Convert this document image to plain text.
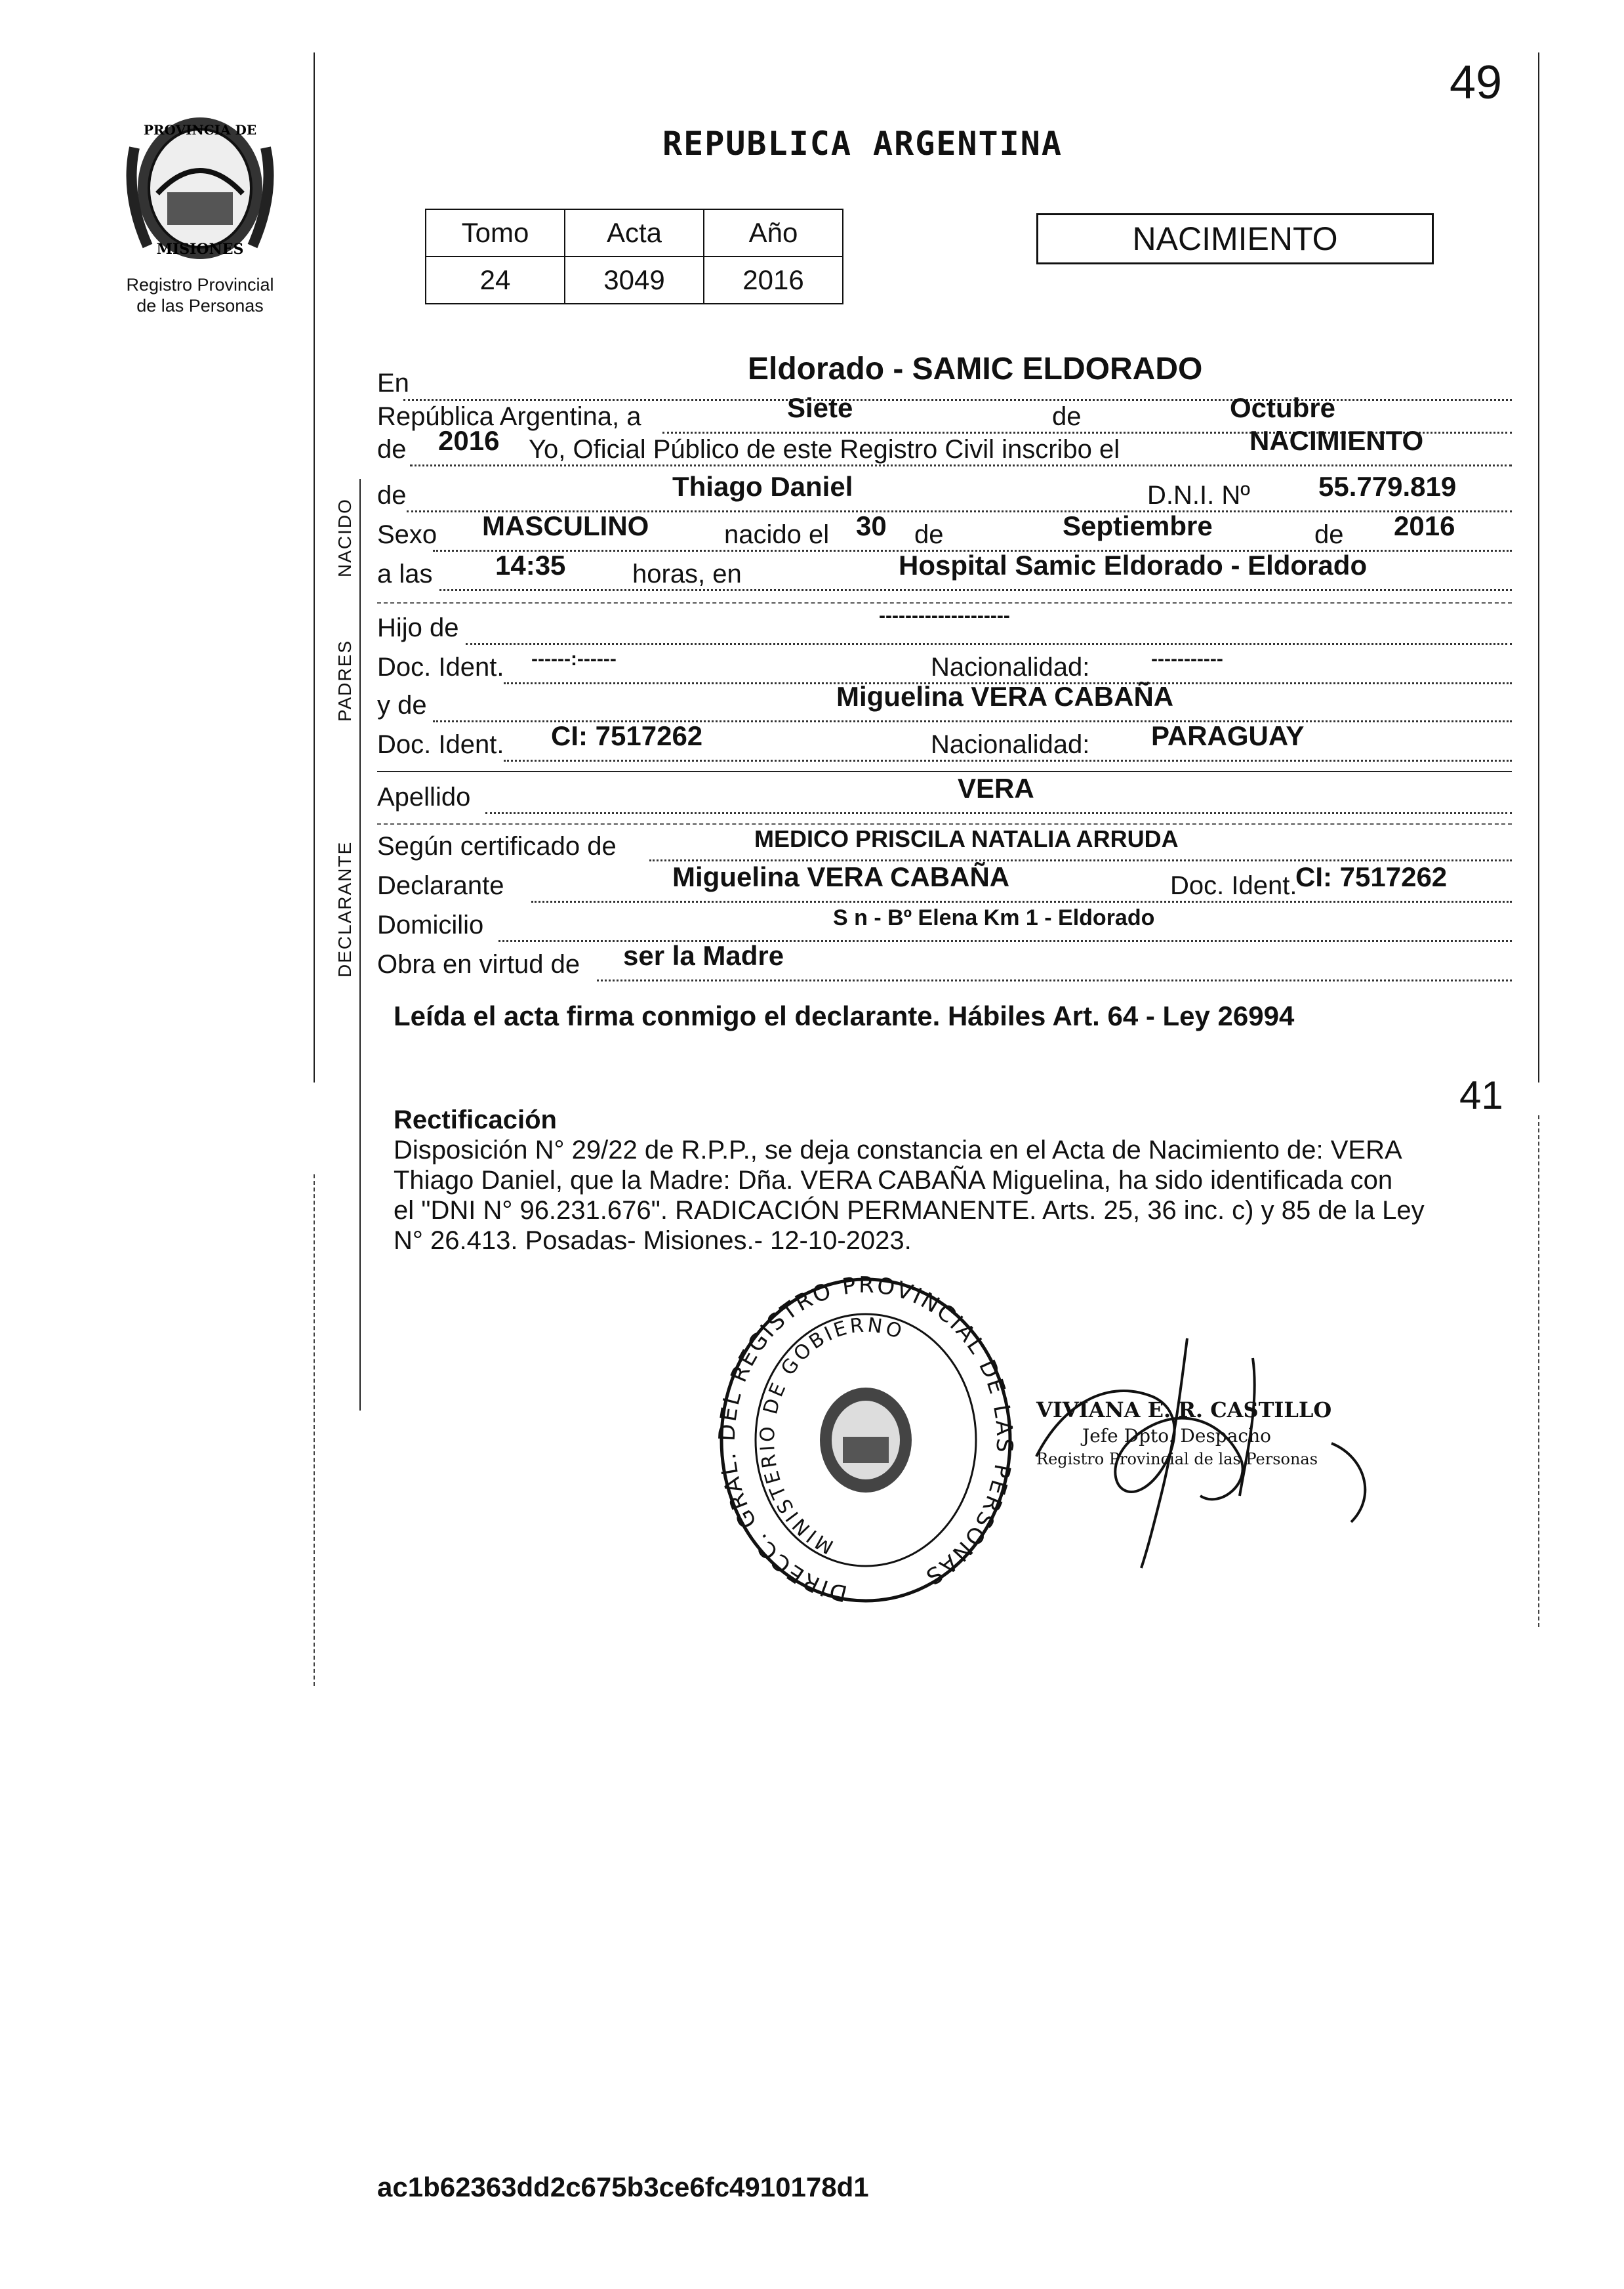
49
PROVINCIA DE
MISIONES
Registro Provincial
de las Personas
REPUBLICA ARGENTINA
Tomo	Acta	Año
24	3049	2016
NACIMIENTO
NACIDO
PADRES
DECLARANTE
En	Eldorado - SAMIC ELDORADO
República Argentina, a	Siete	de	Octubre
de 2016 Yo, Oficial Público de este Registro Civil inscribo el	NACIMIENTO
de	Thiago Daniel	D.N.I. Nº 55.779.819
Sexo MASCULINO	nacido el 30 de	Septiembre	de 2016
a las 14:35	horas, en	Hospital Samic Eldorado - Eldorado
Hijo de	--------------------
Doc. Ident. ------:------	Nacionalidad:	-----------
y de	Miguelina VERA CABAÑA
Doc. Ident. CI: 7517262	Nacionalidad: PARAGUAY
Apellido	VERA
Según certificado de	MEDICO PRISCILA NATALIA ARRUDA
Declarante	Miguelina VERA CABAÑA	Doc. Ident.
CI: 7517262
Domicilio	S n - Bº Elena Km 1 - Eldorado
Obra en virtud de ser la Madre
Leída el acta firma conmigo el declarante. Hábiles Art. 64 - Ley 26994
41
Rectificación
Disposición N° 29/22 de R.P.P., se deja constancia en el Acta de Nacimiento de: VERA
Thiago Daniel, que la Madre: Dña. VERA CABAÑA Miguelina, ha sido identificada con
el "DNI N° 96.231.676". RADICACIÓN PERMANENTE. Arts. 25, 36 inc. c) y 85 de la Ley
N° 26.413. Posadas- Misiones.- 12-10-2023.
DIRECC. GRAL. DEL REGISTRO PROVINCIAL DE LAS PERSONAS
MINISTERIO DE GOBIERNO
VIVIANA E. R. CASTILLO
Jefe Dpto. Despacho
Registro Provincial de las Personas
ac1b62363dd2c675b3ce6fc4910178d1
